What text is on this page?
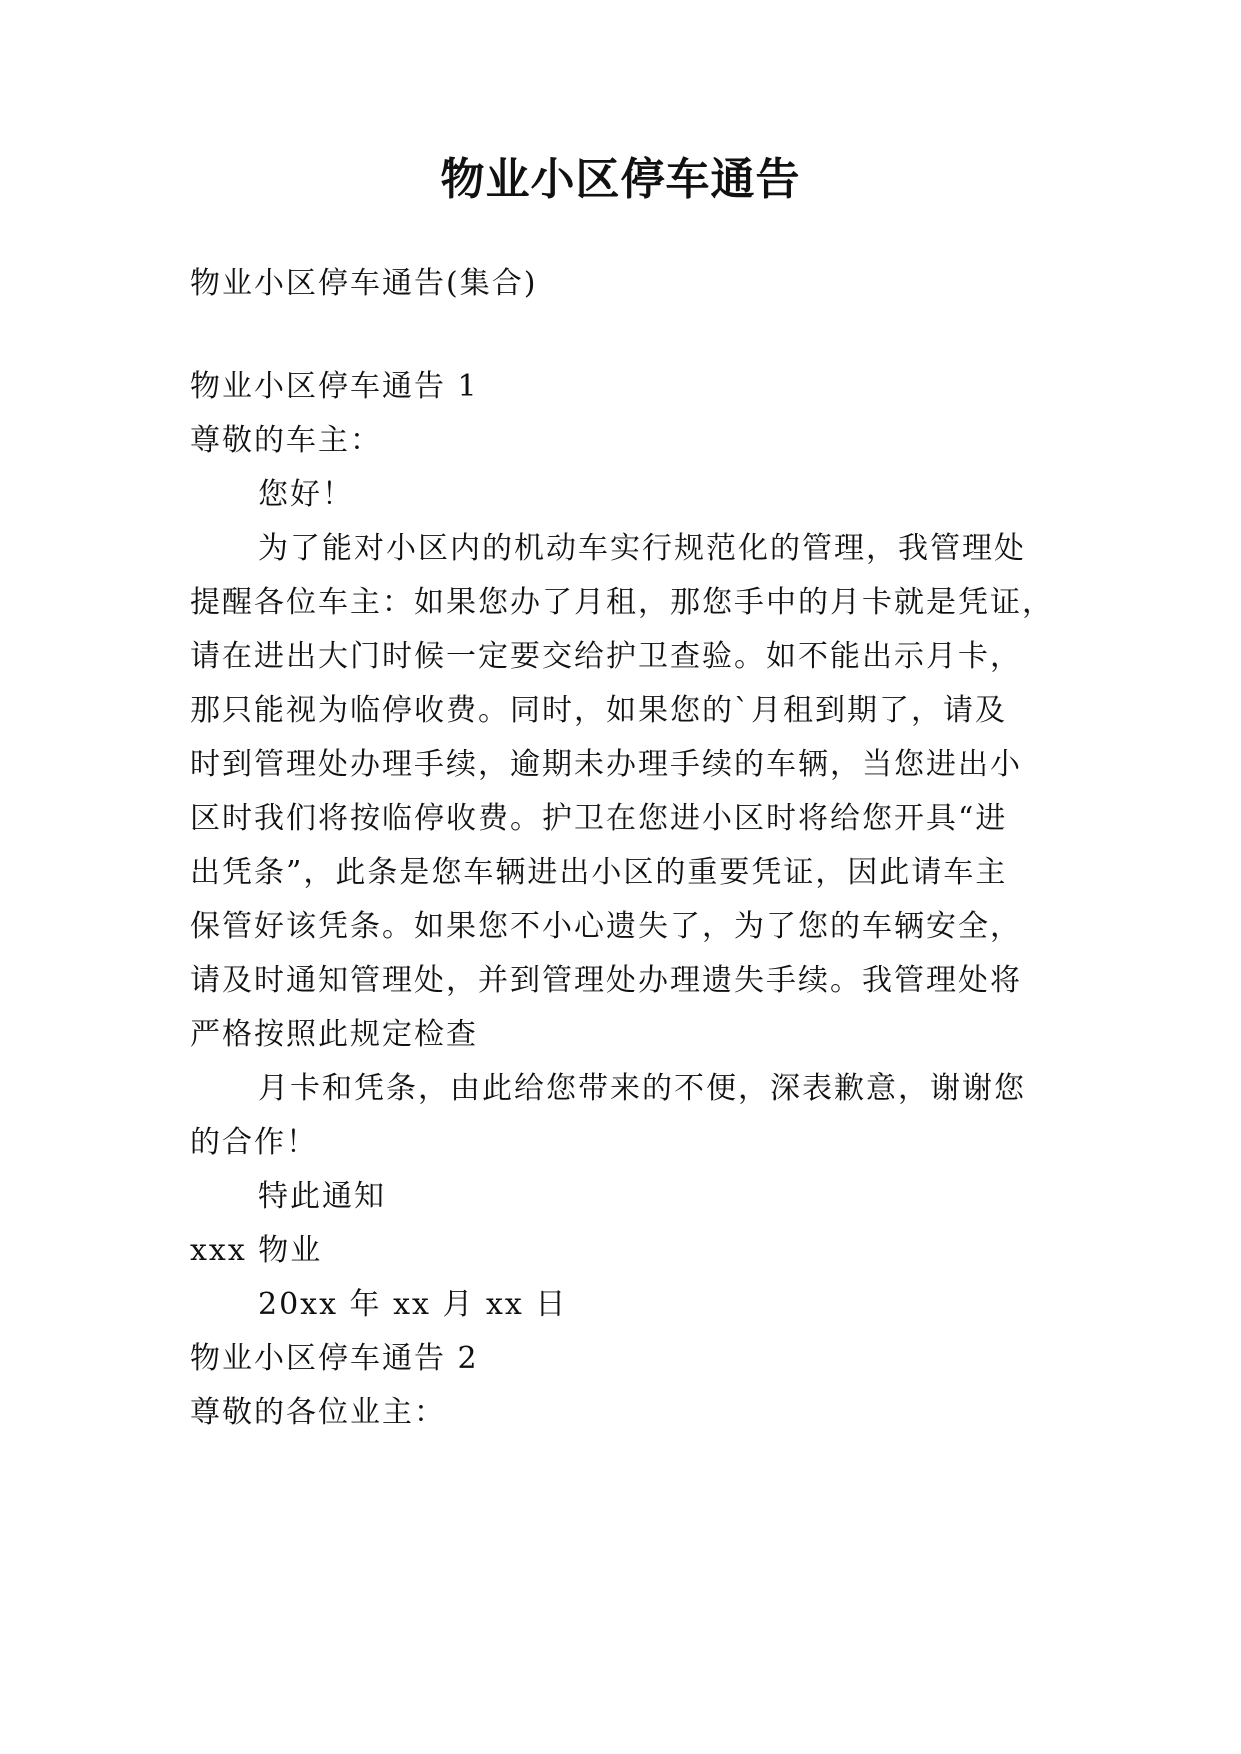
物业小区停车通告
物业小区停车通告(集合)
物业小区停车通告 1
尊敬的车主：
您好！
为了能对小区内的机动车实行规范化的管理，我管理处
提醒各位车主：如果您办了月租，那您手中的月卡就是凭证，
请在进出大门时候一定要交给护卫查验。如不能出示月卡，
那只能视为临停收费。同时，如果您的`月租到期了，请及
时到管理处办理手续，逾期未办理手续的车辆，当您进出小
区时我们将按临停收费。护卫在您进小区时将给您开具“进
出凭条”，此条是您车辆进出小区的重要凭证，因此请车主
保管好该凭条。如果您不小心遗失了，为了您的车辆安全，
请及时通知管理处，并到管理处办理遗失手续。我管理处将
严格按照此规定检查
月卡和凭条，由此给您带来的不便，深表歉意，谢谢您
的合作！
特此通知
xxx 物业
20xx 年 xx 月 xx 日
物业小区停车通告 2
尊敬的各位业主：
